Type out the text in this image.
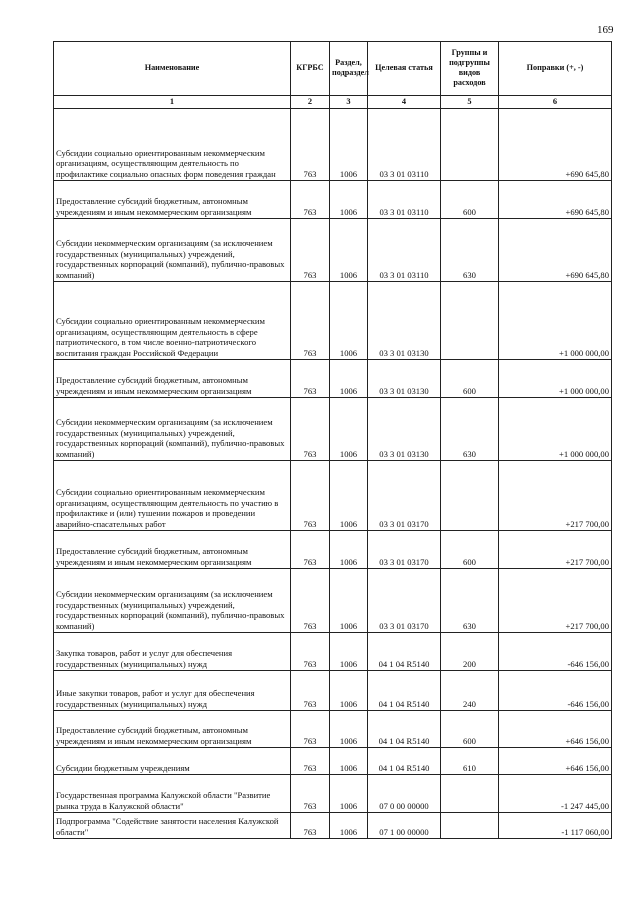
169
Наименование	КГРБС	Раздел, подраздел	Целевая статья	Группы и подгруппы видов расходов	Поправки (+, -)
1	2	3	4	5	6
Субсидии социально ориентированным некоммерческим организациям, осуществляющим деятельность по профилактике социально опасных форм поведения граждан	763	1006	03 3 01 03110		+690 645,80
Предоставление субсидий бюджетным, автономным учреждениям и иным некоммерческим организациям	763	1006	03 3 01 03110	600	+690 645,80
Субсидии некоммерческим организациям (за исключением государственных (муниципальных) учреждений, государственных корпораций (компаний), публично-правовых компаний)	763	1006	03 3 01 03110	630	+690 645,80
Субсидии социально ориентированным некоммерческим организациям, осуществляющим деятельность в сфере патриотического, в том числе военно-патриотического воспитания граждан Российской Федерации	763	1006	03 3 01 03130		+1 000 000,00
Предоставление субсидий бюджетным, автономным учреждениям и иным некоммерческим организациям	763	1006	03 3 01 03130	600	+1 000 000,00
Субсидии некоммерческим организациям (за исключением государственных (муниципальных) учреждений, государственных корпораций (компаний), публично-правовых компаний)	763	1006	03 3 01 03130	630	+1 000 000,00
Субсидии социально ориентированным некоммерческим организациям, осуществляющим деятельность по участию в профилактике и (или) тушении пожаров и проведении аварийно-спасательных работ	763	1006	03 3 01 03170		+217 700,00
Предоставление субсидий бюджетным, автономным учреждениям и иным некоммерческим организациям	763	1006	03 3 01 03170	600	+217 700,00
Субсидии некоммерческим организациям (за исключением государственных (муниципальных) учреждений, государственных корпораций (компаний), публично-правовых компаний)	763	1006	03 3 01 03170	630	+217 700,00
Закупка товаров, работ и услуг для обеспечения государственных (муниципальных) нужд	763	1006	04 1 04 R5140	200	-646 156,00
Иные закупки товаров, работ и услуг для обеспечения государственных (муниципальных) нужд	763	1006	04 1 04 R5140	240	-646 156,00
Предоставление субсидий бюджетным, автономным учреждениям и иным некоммерческим организациям	763	1006	04 1 04 R5140	600	+646 156,00
Субсидии бюджетным учреждениям	763	1006	04 1 04 R5140	610	+646 156,00
Государственная программа Калужской области "Развитие рынка труда в Калужской области"	763	1006	07 0 00 00000		-1 247 445,00
Подпрограмма "Содействие занятости населения Калужской области"	763	1006	07 1 00 00000		-1 117 060,00
